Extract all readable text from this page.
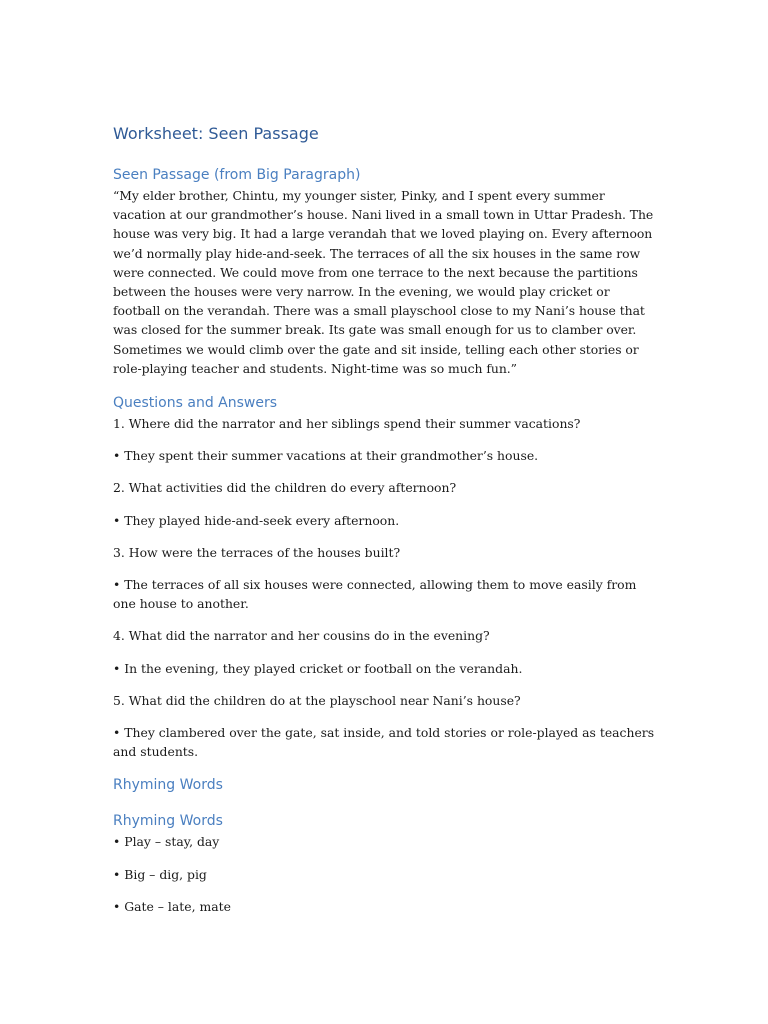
Worksheet: Seen Passage
Seen Passage (from Big Paragraph)

“My elder brother, Chintu, my younger sister, Pinky, and I spent every summer vacation at our grandmother’s house. Nani lived in a small town in Uttar Pradesh. The house was very big. It had a large verandah that we loved playing on. Every afternoon we’d normally play hide-and-seek. The terraces of all the six houses in the same row were connected. We could move from one terrace to the next because the partitions between the houses were very narrow. In the evening, we would play cricket or football on the verandah. There was a small playschool close to my Nani’s house that was closed for the summer break. Its gate was small enough for us to clamber over. Sometimes we would climb over the gate and sit inside, telling each other stories or role-playing teacher and students. Night-time was so much fun.”

Questions and Answers

1. Where did the narrator and her siblings spend their summer vacations?

• They spent their summer vacations at their grandmother’s house.

2. What activities did the children do every afternoon?

• They played hide-and-seek every afternoon.

3. How were the terraces of the houses built?

• The terraces of all six houses were connected, allowing them to move easily from one house to another.

4. What did the narrator and her cousins do in the evening?

• In the evening, they played cricket or football on the verandah.

5. What did the children do at the playschool near Nani’s house?

• They clambered over the gate, sat inside, and told stories or role-played as teachers and students.

Rhyming Words
Rhyming Words

• Play – stay, day

• Big – dig, pig

• Gate – late, mate
